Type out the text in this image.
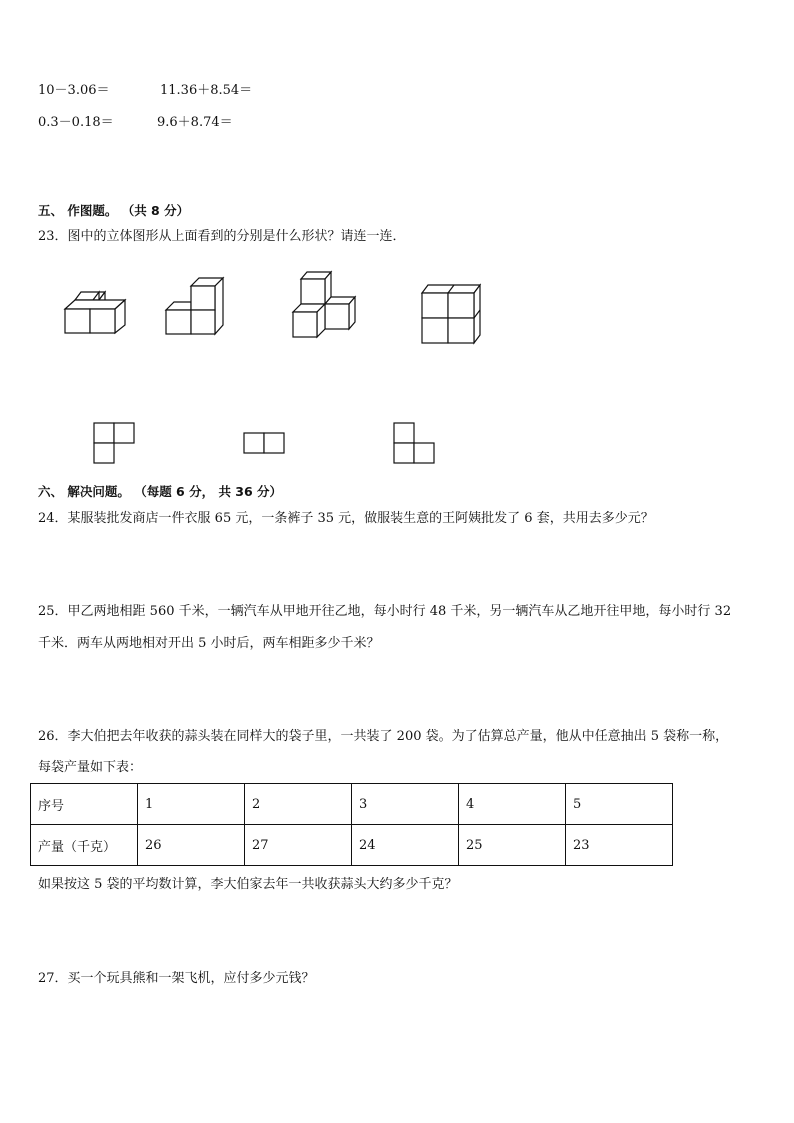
10－3.06＝	11.36＋8.54＝
0.3－0.18＝	9.6＋8.74＝
五、 作图题。 （共 8 分）
23．图中的立体图形从上面看到的分别是什么形状？请连一连．
六、 解决问题。 （每题 6 分， 共 36 分）
24．某服装批发商店一件衣服 65 元，一条裤子 35 元，做服装生意的王阿姨批发了 6 套，共用去多少元？
25．甲乙两地相距 560 千米，一辆汽车从甲地开往乙地，每小时行 48 千米，另一辆汽车从乙地开往甲地，每小时行 32
千米．两车从两地相对开出 5 小时后，两车相距多少千米？
26．李大伯把去年收获的蒜头装在同样大的袋子里，一共装了 200 袋。为了估算总产量，他从中任意抽出 5 袋称一称，
每袋产量如下表：
序号	1	2	3	4	5
产量（千克）	26	27	24	25	23
如果按这 5 袋的平均数计算，李大伯家去年一共收获蒜头大约多少千克？
27．买一个玩具熊和一架飞机，应付多少元钱？
